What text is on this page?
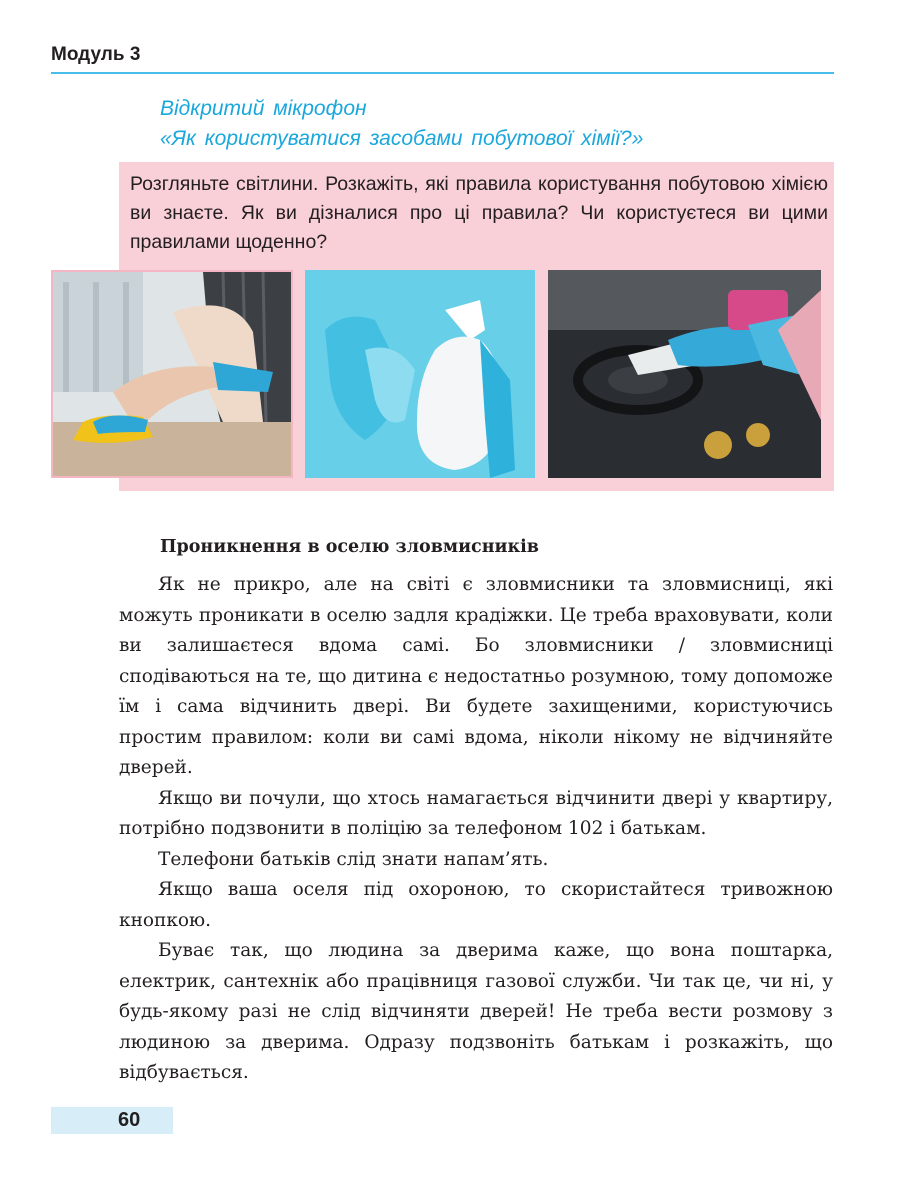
Модуль 3
Відкритий мікрофон
«Як користуватися засобами побутової хімії?»
Розгляньте світлини. Розкажіть, які правила користування побутовою хімією ви знаєте. Як ви дізналися про ці правила? Чи користуєтеся ви цими правилами щоденно?
Проникнення в оселю зловмисників

Як не прикро, але на світі є зловмисники та зловмисниці, які можуть проникати в оселю задля крадіжки. Це треба враховувати, коли ви залишаєтеся вдома самі. Бо зловмисники / зловмисниці сподіваються на те, що дитина є недостатньо розумною, тому допоможе їм і сама відчинить двері. Ви будете захищеними, користуючись простим правилом: коли ви самі вдома, ніколи нікому не відчиняйте дверей.

Якщо ви почули, що хтось намагається відчинити двері у квартиру, потрібно подзвонити в поліцію за телефоном 102 і батькам.

Телефони батьків слід знати напам’ять.

Якщо ваша оселя під охороною, то скористайтеся тривожною кнопкою.

Буває так, що людина за дверима каже, що вона поштарка, електрик, сантехнік або працівниця газової служби. Чи так це, чи ні, у будь-якому разі не слід відчиняти дверей! Не треба вести розмову з людиною за дверима. Одразу подзвоніть батькам і розкажіть, що відбувається.

60
